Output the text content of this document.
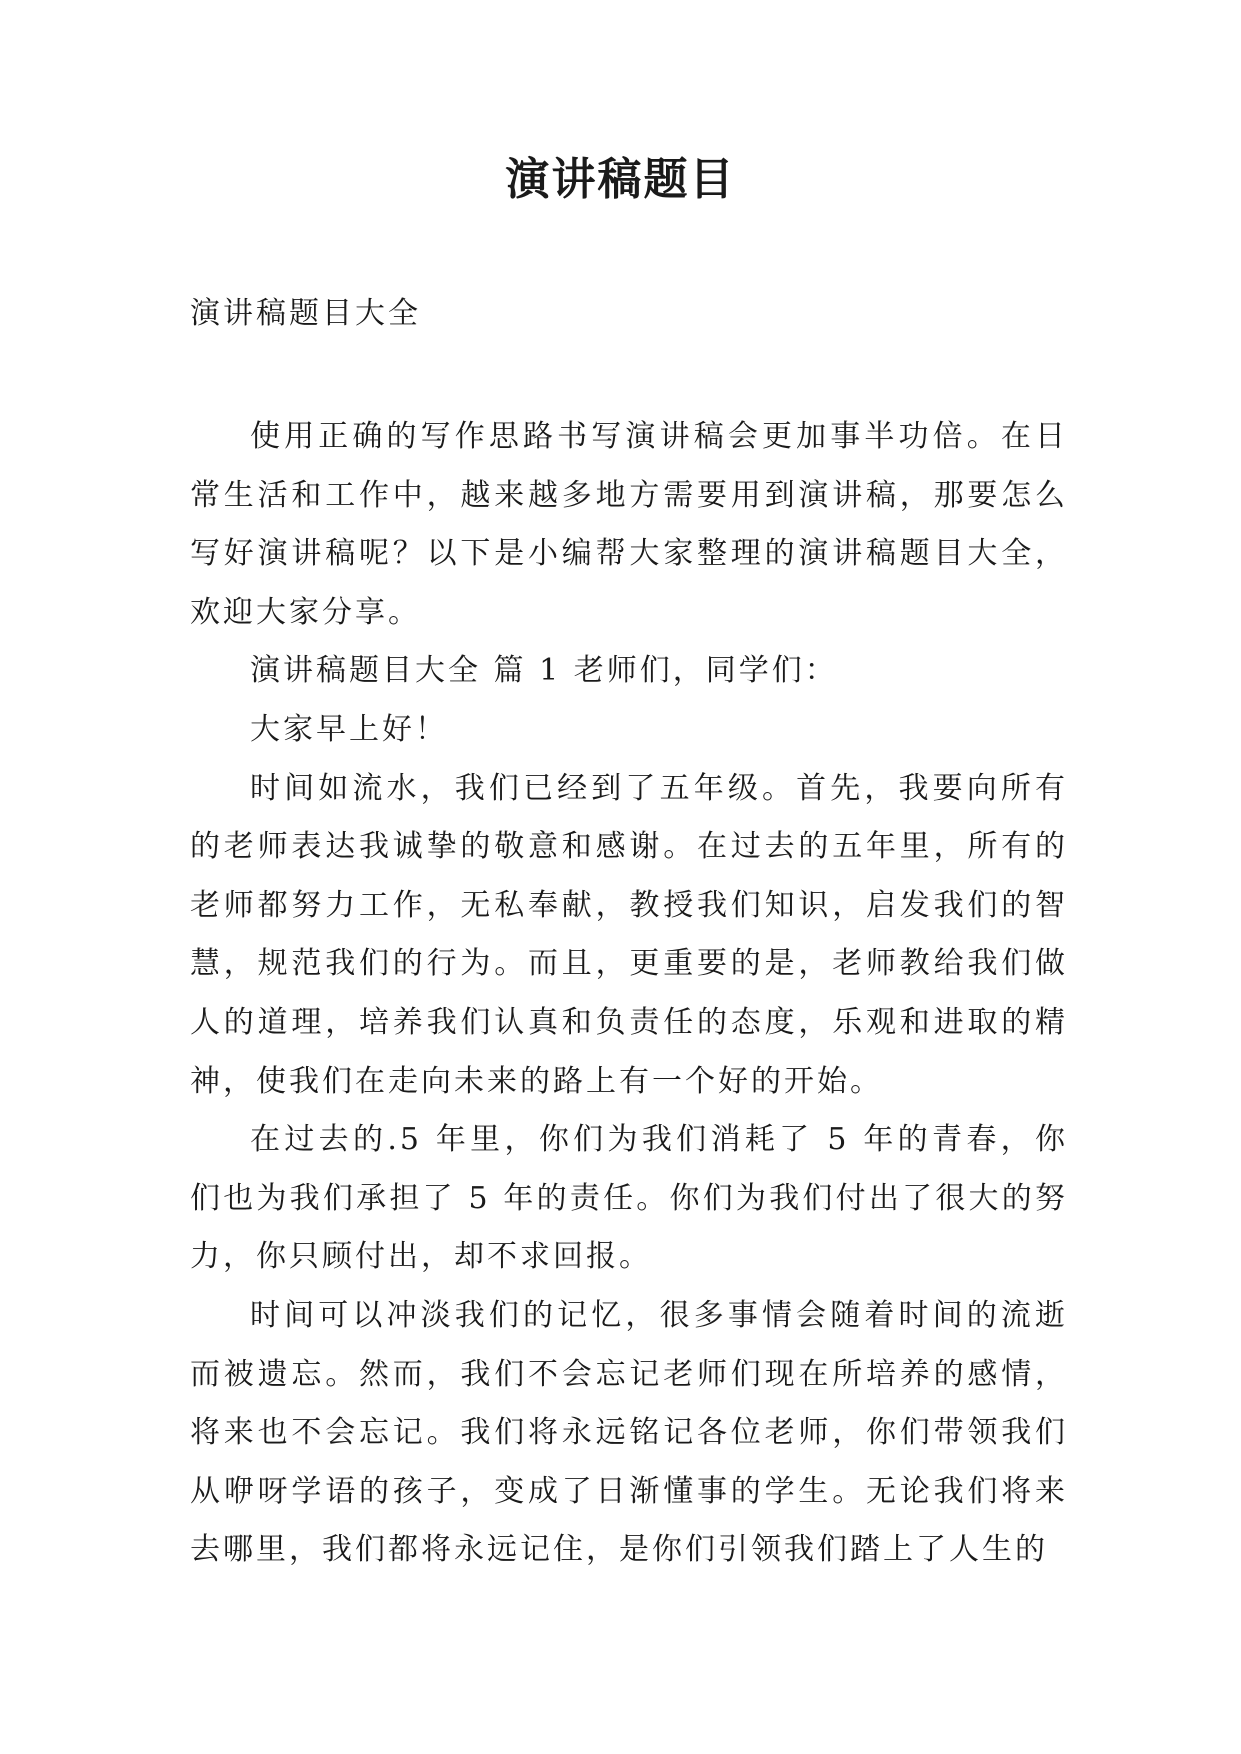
演讲稿题目

演讲稿题目大全

使用正确的写作思路书写演讲稿会更加事半功倍。在日常生活和工作中，越来越多地方需要用到演讲稿，那要怎么写好演讲稿呢？以下是小编帮大家整理的演讲稿题目大全，欢迎大家分享。

演讲稿题目大全 篇 1 老师们，同学们：

大家早上好！

时间如流水，我们已经到了五年级。首先，我要向所有的老师表达我诚挚的敬意和感谢。在过去的五年里，所有的老师都努力工作，无私奉献，教授我们知识，启发我们的智慧，规范我们的行为。而且，更重要的是，老师教给我们做人的道理，培养我们认真和负责任的态度，乐观和进取的精神，使我们在走向未来的路上有一个好的开始。

在过去的.5 年里，你们为我们消耗了 5 年的青春，你们也为我们承担了 5 年的责任。你们为我们付出了很大的努力，你只顾付出，却不求回报。

时间可以冲淡我们的记忆，很多事情会随着时间的流逝而被遗忘。然而，我们不会忘记老师们现在所培养的感情，将来也不会忘记。我们将永远铭记各位老师，你们带领我们从咿呀学语的孩子，变成了日渐懂事的学生。无论我们将来去哪里，我们都将永远记住，是你们引领我们踏上了人生的
